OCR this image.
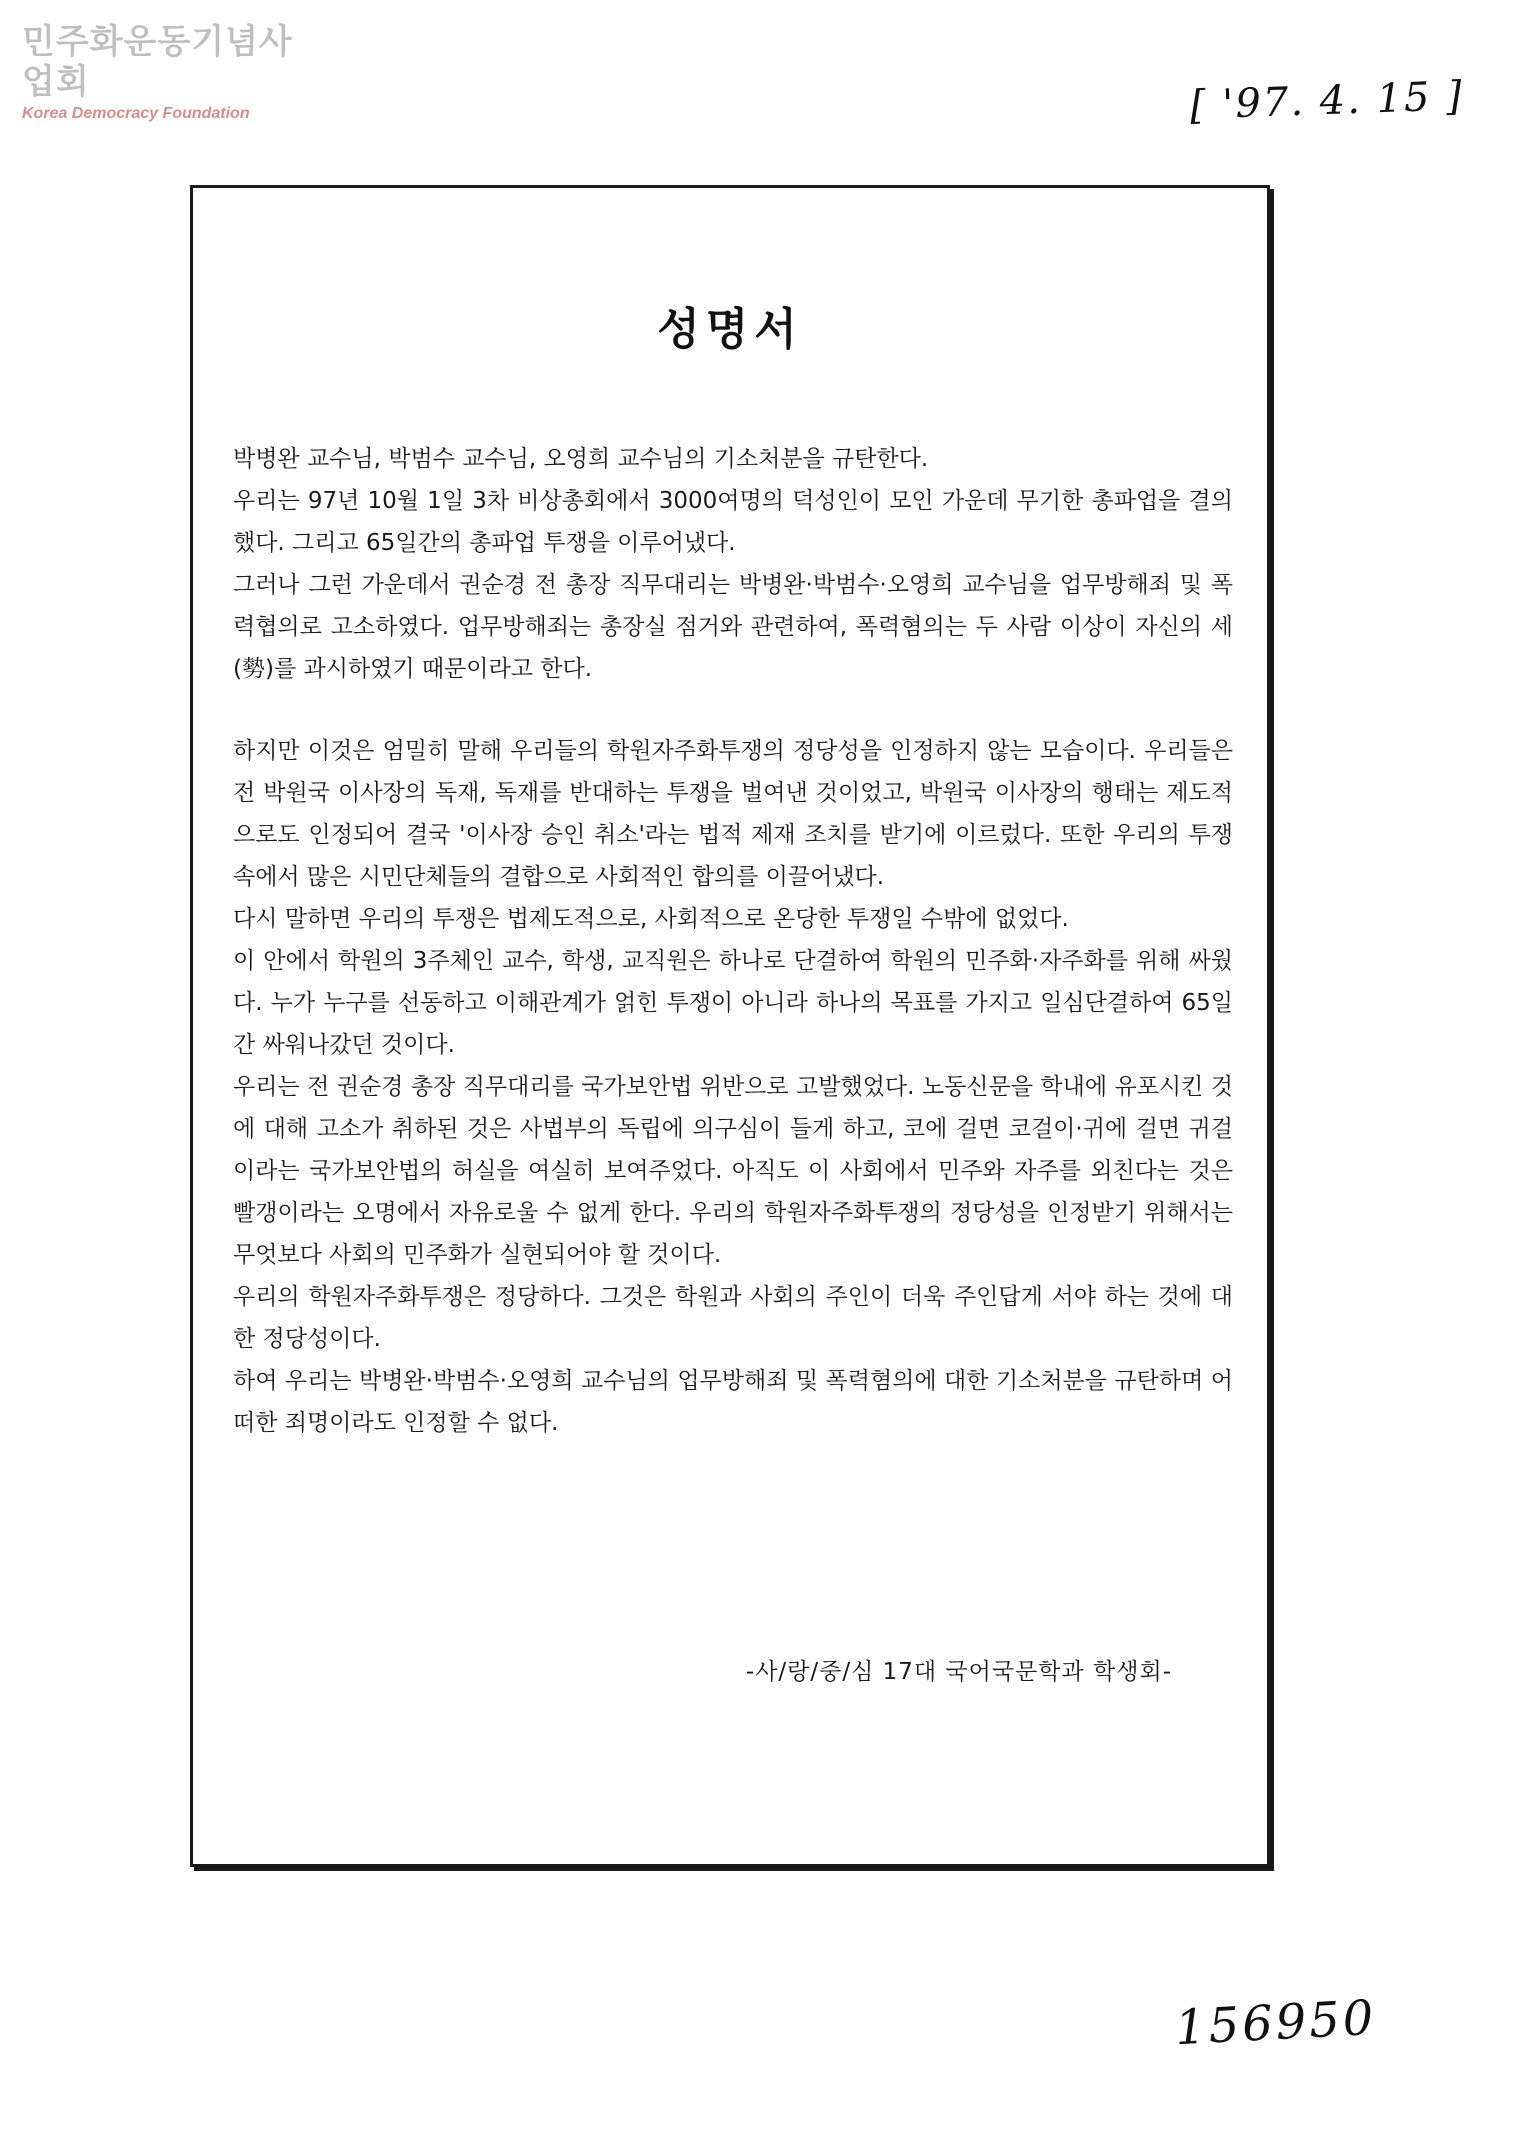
민주화운동기념사업회
Korea Democracy Foundation	[ '97. 4. 15 ]
성명서

박병완 교수님, 박범수 교수님, 오영희 교수님의 기소처분을 규탄한다.

우리는 97년 10월 1일 3차 비상총회에서 3000여명의 덕성인이 모인 가운데 무기한 총파업을 결의했다. 그리고 65일간의 총파업 투쟁을 이루어냈다.

그러나 그런 가운데서 권순경 전 총장 직무대리는 박병완·박범수·오영희 교수님을 업무방해죄 및 폭력협의로 고소하였다. 업무방해죄는 총장실 점거와 관련하여, 폭력혐의는 두 사람 이상이 자신의 세(勢)를 과시하였기 때문이라고 한다.

하지만 이것은 엄밀히 말해 우리들의 학원자주화투쟁의 정당성을 인정하지 않는 모습이다. 우리들은 전 박원국 이사장의 독재, 독재를 반대하는 투쟁을 벌여낸 것이었고, 박원국 이사장의 행태는 제도적으로도 인정되어 결국 '이사장 승인 취소'라는 법적 제재 조치를 받기에 이르렀다. 또한 우리의 투쟁속에서 많은 시민단체들의 결합으로 사회적인 합의를 이끌어냈다.

다시 말하면 우리의 투쟁은 법제도적으로, 사회적으로 온당한 투쟁일 수밖에 없었다.

이 안에서 학원의 3주체인 교수, 학생, 교직원은 하나로 단결하여 학원의 민주화·자주화를 위해 싸웠다. 누가 누구를 선동하고 이해관계가 얽힌 투쟁이 아니라 하나의 목표를 가지고 일심단결하여 65일간 싸워나갔던 것이다.

우리는 전 권순경 총장 직무대리를 국가보안법 위반으로 고발했었다. 노동신문을 학내에 유포시킨 것에 대해 고소가 취하된 것은 사법부의 독립에 의구심이 들게 하고, 코에 걸면 코걸이·귀에 걸면 귀걸이라는 국가보안법의 허실을 여실히 보여주었다. 아직도 이 사회에서 민주와 자주를 외친다는 것은 빨갱이라는 오명에서 자유로울 수 없게 한다. 우리의 학원자주화투쟁의 정당성을 인정받기 위해서는 무엇보다 사회의 민주화가 실현되어야 할 것이다.

우리의 학원자주화투쟁은 정당하다. 그것은 학원과 사회의 주인이 더욱 주인답게 서야 하는 것에 대한 정당성이다.

하여 우리는 박병완·박범수·오영희 교수님의 업무방해죄 및 폭력혐의에 대한 기소처분을 규탄하며 어떠한 죄명이라도 인정할 수 없다.

-사/랑/중/심 17대 국어국문학과 학생회-
156950
